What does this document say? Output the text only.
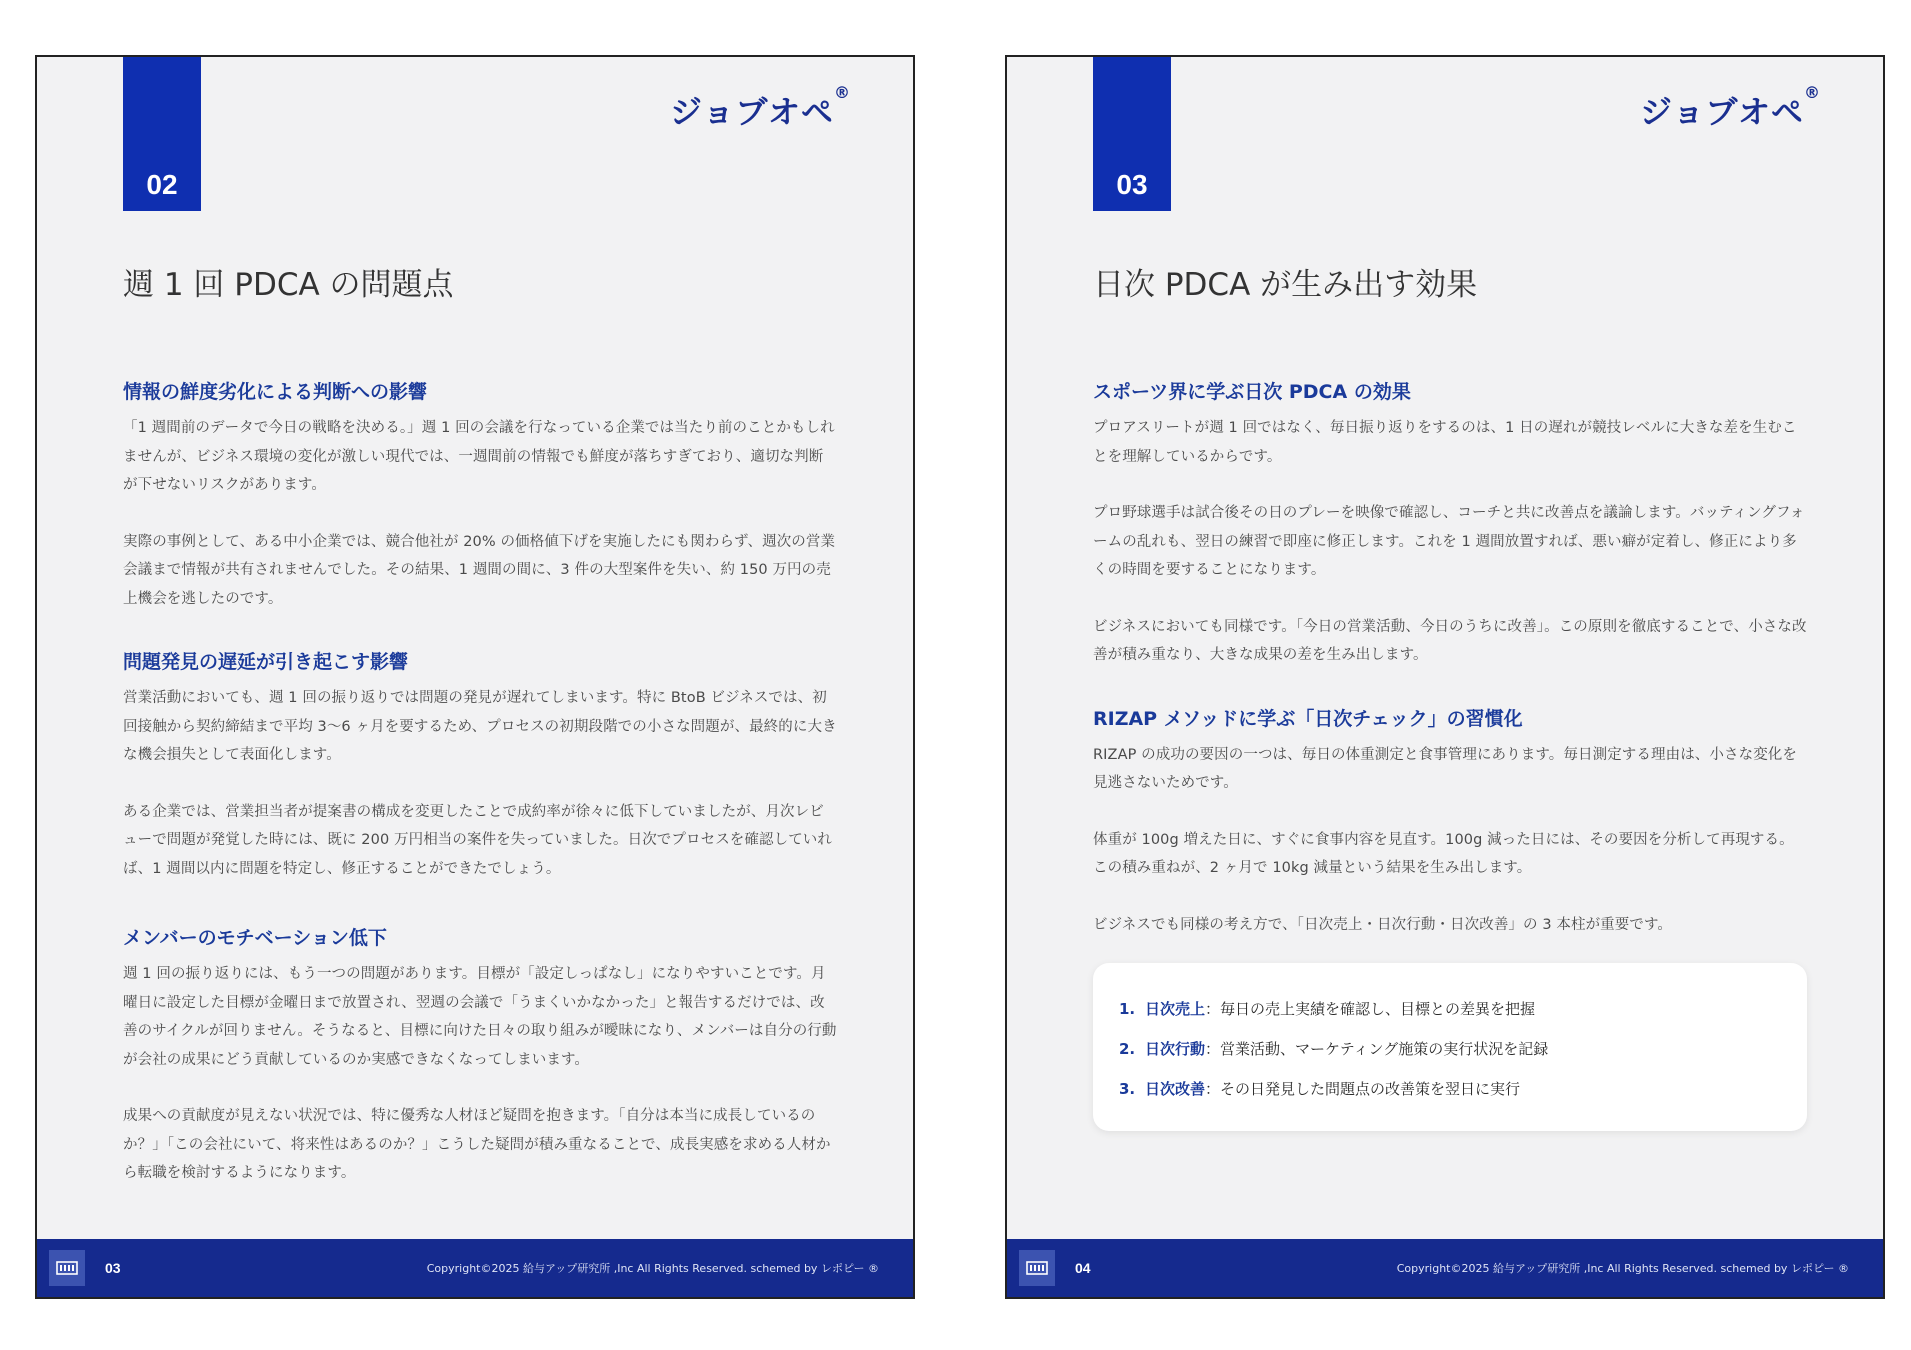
02
ジョブオペ®
週 1 回 PDCA の問題点
情報の鮮度劣化による判断への影響

「1 週間前のデータで今日の戦略を決める。」週 1 回の会議を行なっている企業では当たり前のことかもしれませんが、ビジネス環境の変化が激しい現代では、一週間前の情報でも鮮度が落ちすぎており、適切な判断が下せないリスクがあります。

実際の事例として、ある中小企業では、競合他社が 20% の価格値下げを実施したにも関わらず、週次の営業会議まで情報が共有されませんでした。その結果、1 週間の間に、3 件の大型案件を失い、約 150 万円の売上機会を逃したのです。

問題発見の遅延が引き起こす影響

営業活動においても、週 1 回の振り返りでは問題の発見が遅れてしまいます。特に BtoB ビジネスでは、初回接触から契約締結まで平均 3〜6 ヶ月を要するため、プロセスの初期段階での小さな問題が、最終的に大きな機会損失として表面化します。

ある企業では、営業担当者が提案書の構成を変更したことで成約率が徐々に低下していましたが、月次レビューで問題が発覚した時には、既に 200 万円相当の案件を失っていました。日次でプロセスを確認していれば、1 週間以内に問題を特定し、修正することができたでしょう。

メンバーのモチベーション低下

週 1 回の振り返りには、もう一つの問題があります。目標が「設定しっぱなし」になりやすいことです。月曜日に設定した目標が金曜日まで放置され、翌週の会議で「うまくいかなかった」と報告するだけでは、改善のサイクルが回りません。そうなると、目標に向けた日々の取り組みが曖昧になり、メンバーは自分の行動が会社の成果にどう貢献しているのか実感できなくなってしまいます。

成果への貢献度が見えない状況では、特に優秀な人材ほど疑問を抱きます。「自分は本当に成長しているのか？」「この会社にいて、将来性はあるのか？」こうした疑問が積み重なることで、成長実感を求める人材から転職を検討するようになります。

03	Copyright©2025 給与アップ研究所 ,Inc All Rights Reserved. schemed by レポピー ®
03
ジョブオペ®
日次 PDCA が生み出す効果
スポーツ界に学ぶ日次 PDCA の効果

プロアスリートが週 1 回ではなく、毎日振り返りをするのは、1 日の遅れが競技レベルに大きな差を生むことを理解しているからです。

プロ野球選手は試合後その日のプレーを映像で確認し、コーチと共に改善点を議論します。バッティングフォームの乱れも、翌日の練習で即座に修正します。これを 1 週間放置すれば、悪い癖が定着し、修正により多くの時間を要することになります。

ビジネスにおいても同様です。「今日の営業活動、今日のうちに改善」。この原則を徹底することで、小さな改善が積み重なり、大きな成果の差を生み出します。

RIZAP メソッドに学ぶ「日次チェック」の習慣化

RIZAP の成功の要因の一つは、毎日の体重測定と食事管理にあります。毎日測定する理由は、小さな変化を見逃さないためです。

体重が 100g 増えた日に、すぐに食事内容を見直す。100g 減った日には、その要因を分析して再現する。この積み重ねが、2 ヶ月で 10kg 減量という結果を生み出します。

ビジネスでも同様の考え方で、「日次売上・日次行動・日次改善」の 3 本柱が重要です。

1. 日次売上：毎日の売上実績を確認し、目標との差異を把握
2. 日次行動：営業活動、マーケティング施策の実行状況を記録
3. 日次改善：その日発見した問題点の改善策を翌日に実行
04	Copyright©2025 給与アップ研究所 ,Inc All Rights Reserved. schemed by レポピー ®
